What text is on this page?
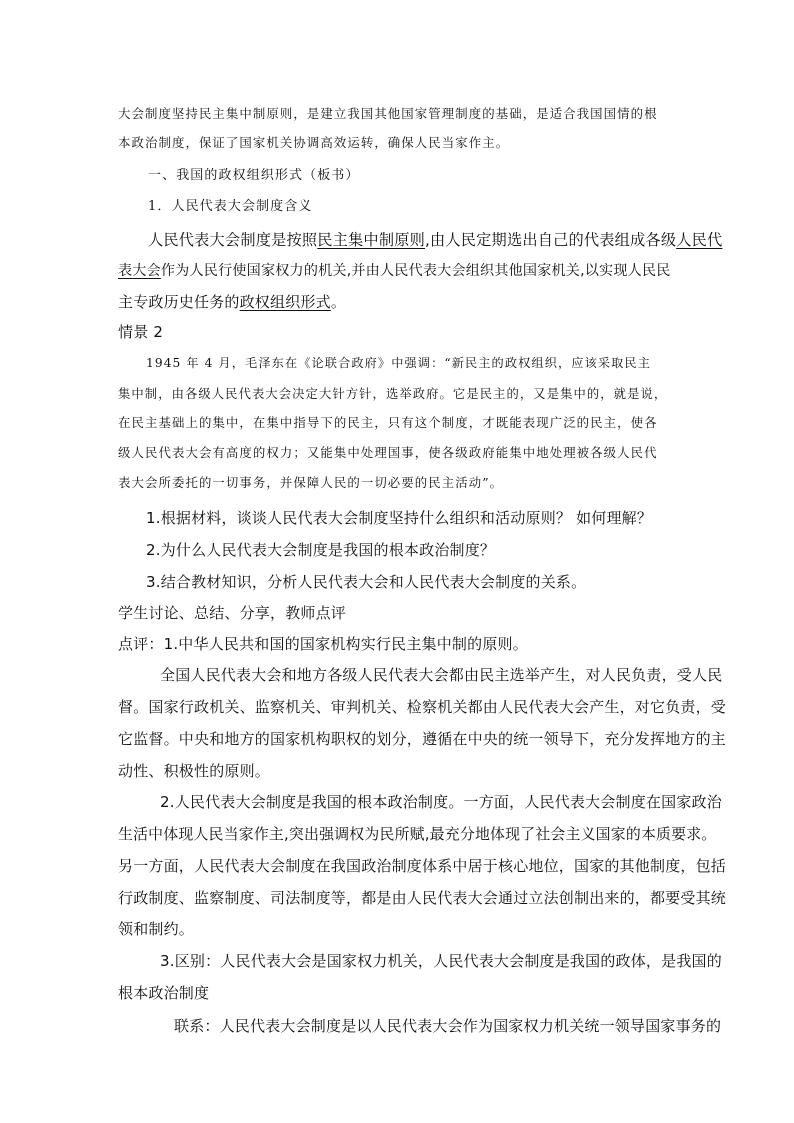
大会制度坚持民主集中制原则，是建立我国其他国家管理制度的基础，是适合我国国情的根
本政治制度，保证了国家机关协调高效运转，确保人民当家作主。
一、我国的政权组织形式（板书）
1．人民代表大会制度含义
人民代表大会制度是按照民主集中制原则,由人民定期选出自己的代表组成各级人民代
表大会作为人民行使国家权力的机关,并由人民代表大会组织其他国家机关,以实现人民民
主专政历史任务的政权组织形式。
情景 2
1945 年 4 月，毛泽东在《论联合政府》中强调：“新民主的政权组织，应该采取民主
集中制，由各级人民代表大会决定大针方针，选举政府。它是民主的，又是集中的，就是说，
在民主基础上的集中，在集中指导下的民主，只有这个制度，才既能表现广泛的民主，使各
级人民代表大会有高度的权力；又能集中处理国事，使各级政府能集中地处理被各级人民代
表大会所委托的一切事务，并保障人民的一切必要的民主活动”。
1.根据材料，谈谈人民代表大会制度坚持什么组织和活动原则？ 如何理解？
2.为什么人民代表大会制度是我国的根本政治制度？
3.结合教材知识，分析人民代表大会和人民代表大会制度的关系。
学生讨论、总结、分享，教师点评
点评：1.中华人民共和国的国家机构实行民主集中制的原则。
全国人民代表大会和地方各级人民代表大会都由民主选举产生，对人民负责，受人民
督。国家行政机关、监察机关、审判机关、检察机关都由人民代表大会产生，对它负责，受
它监督。中央和地方的国家机构职权的划分，遵循在中央的统一领导下，充分发挥地方的主
动性、积极性的原则。
2.人民代表大会制度是我国的根本政治制度。一方面，人民代表大会制度在国家政治
生活中体现人民当家作主,突出强调权为民所赋,最充分地体现了社会主义国家的本质要求。
另一方面，人民代表大会制度在我国政治制度体系中居于核心地位，国家的其他制度，包括
行政制度、监察制度、司法制度等，都是由人民代表大会通过立法创制出来的，都要受其统
领和制约。
3.区别：人民代表大会是国家权力机关，人民代表大会制度是我国的政体，是我国的
根本政治制度
联系：人民代表大会制度是以人民代表大会作为国家权力机关统一领导国家事务的
